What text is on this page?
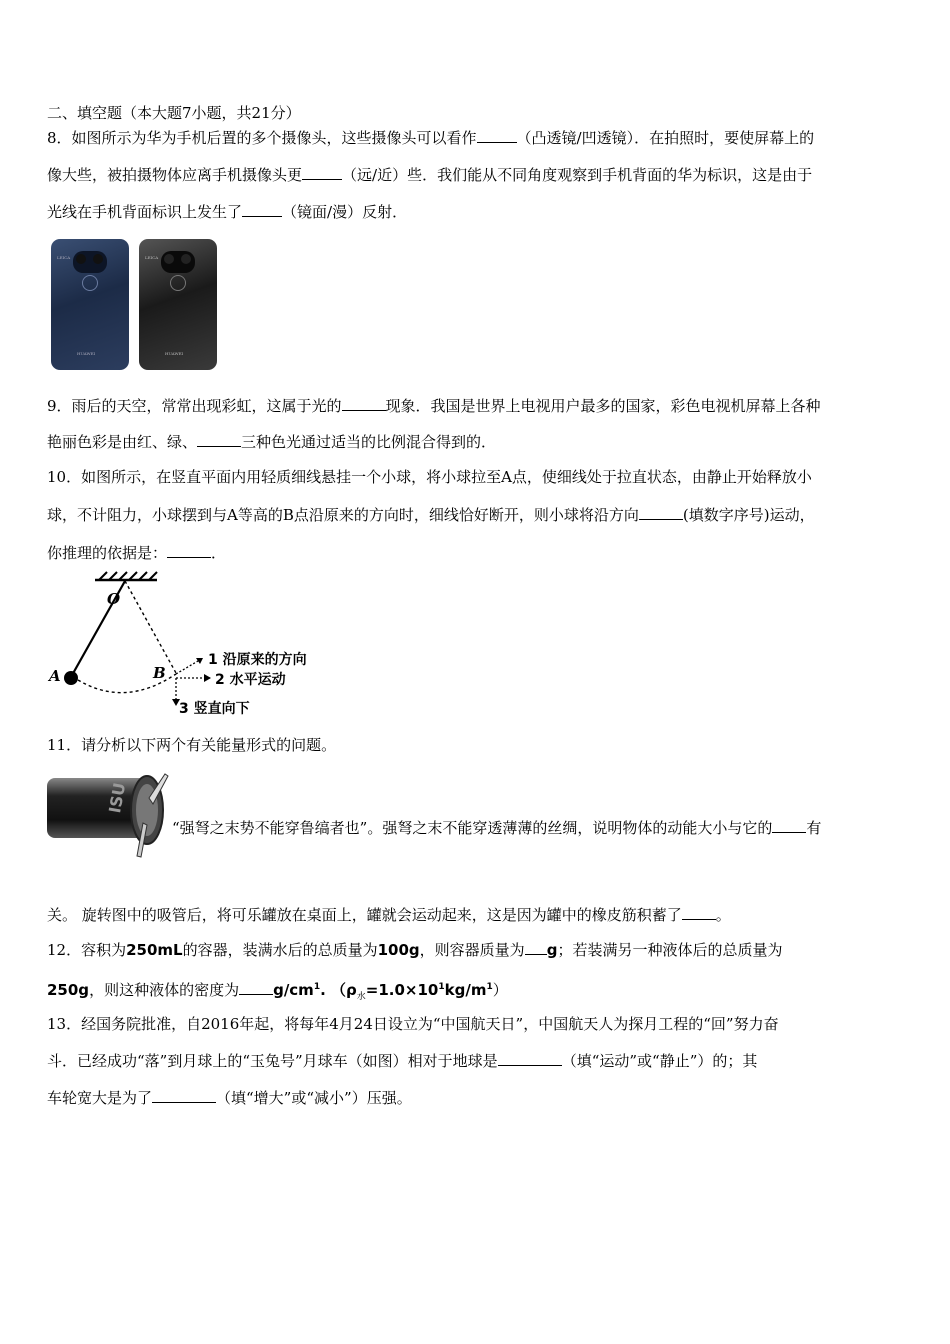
二、填空题（本大题7小题，共21分）
8．如图所示为华为手机后置的多个摄像头，这些摄像头可以看作	（凸透镜/凹透镜）．在拍照时，要使屏幕上的
像大些，被拍摄物体应离手机摄像头更	（远/近）些．我们能从不同角度观察到手机背面的华为标识，这是由于
光线在手机背面标识上发生了	（镜面/漫）反射．
LEICA
HUAWEI
LEICA
HUAWEI
9．雨后的天空，常常出现彩虹，这属于光的	现象．我国是世界上电视用户最多的国家，彩色电视机屏幕上各种
艳丽色彩是由红、绿、	三种色光通过适当的比例混合得到的．
10．如图所示，在竖直平面内用轻质细线悬挂一个小球，将小球拉至A点，使细线处于拉直状态，由静止开始释放小
球，不计阻力，小球摆到与A等高的B点沿原来的方向时，细线恰好断开，则小球将沿方向	(填数字序号)运动，
你推理的依据是：	．
O
A	B
1 沿原来的方向
2 水平运动
3 竖直向下
11．请分析以下两个有关能量形式的问题。
ISU
“强弩之末势不能穿鲁缟者也”。强弩之末不能穿透薄薄的丝绸，说明物体的动能大小与它的 有
关。 旋转图中的吸管后，将可乐罐放在桌面上，罐就会运动起来，这是因为罐中的橡皮筋积蓄了 。
12．容积为250mL的容器，装满水后的总质量为100g，则容器质量为 g；若装满另一种液体后的总质量为
250g，则这种液体的密度为 $g/cm^1$. $(\rho_水=1.0\times 10^1kg/m^1)$
13．经国务院批准，自2016年起，将每年4月24日设立为“中国航天日”，中国航天人为探月工程的“回”努力奋
斗．已经成功“落”到月球上的“玉兔号”月球车（如图）相对于地球是	（填“运动”或“静止”）的；其
车轮宽大是为了	（填“增大”或“减小”）压强。
